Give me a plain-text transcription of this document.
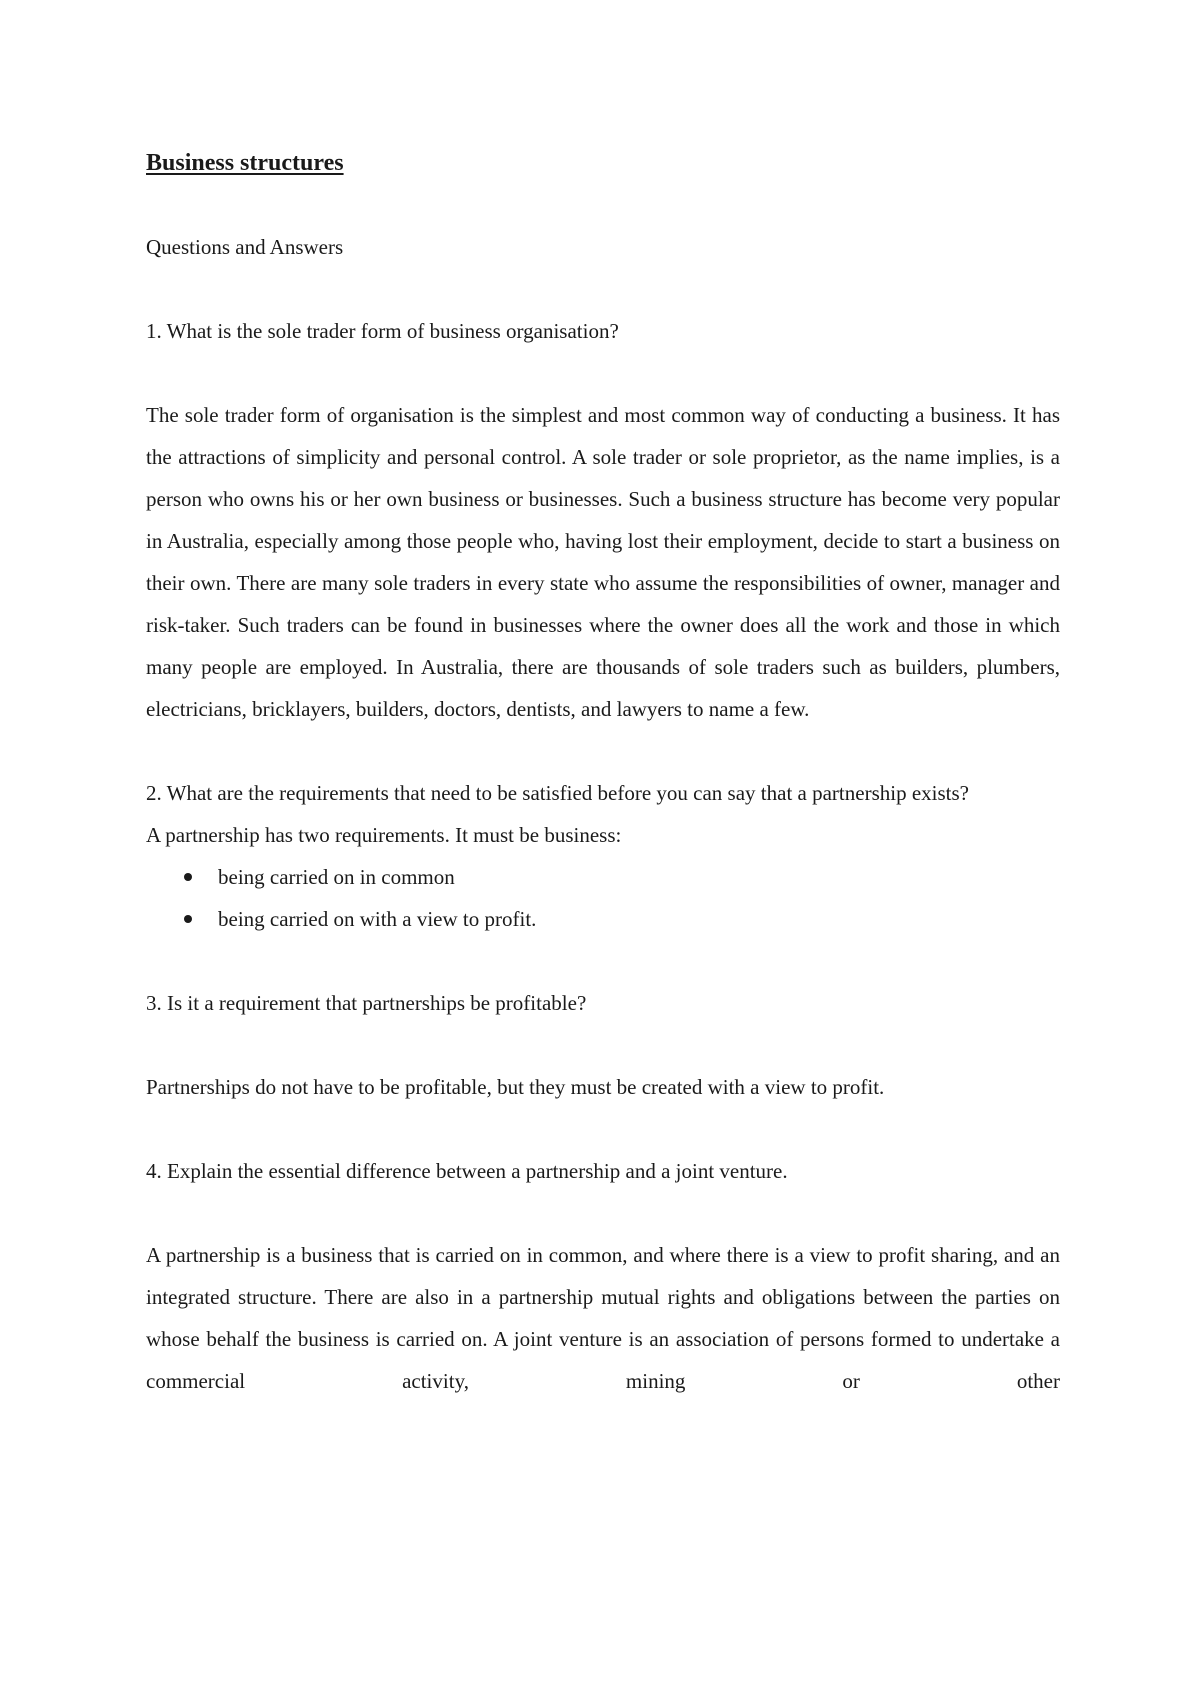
Business structures

Questions and Answers

1. What is the sole trader form of business organisation?

The sole trader form of organisation is the simplest and most common way of conducting a business. It has the attractions of simplicity and personal control. A sole trader or sole proprietor, as the name implies, is a person who owns his or her own business or businesses. Such a business structure has become very popular in Australia, especially among those people who, having lost their employment, decide to start a business on their own. There are many sole traders in every state who assume the responsibilities of owner, manager and risk-taker. Such traders can be found in businesses where the owner does all the work and those in which many people are employed. In Australia, there are thousands of sole traders such as builders, plumbers, electricians, bricklayers, builders, doctors, dentists, and lawyers to name a few.

2. What are the requirements that need to be satisfied before you can say that a partnership exists?

A partnership has two requirements. It must be business:

being carried on in common
being carried on with a view to profit.

3. Is it a requirement that partnerships be profitable?

Partnerships do not have to be profitable, but they must be created with a view to profit.

4. Explain the essential difference between a partnership and a joint venture.

A partnership is a business that is carried on in common, and where there is a view to profit sharing, and an integrated structure. There are also in a partnership mutual rights and obligations between the parties on whose behalf the business is carried on. A joint venture is an association of persons formed to undertake a commercial activity, mining or other
